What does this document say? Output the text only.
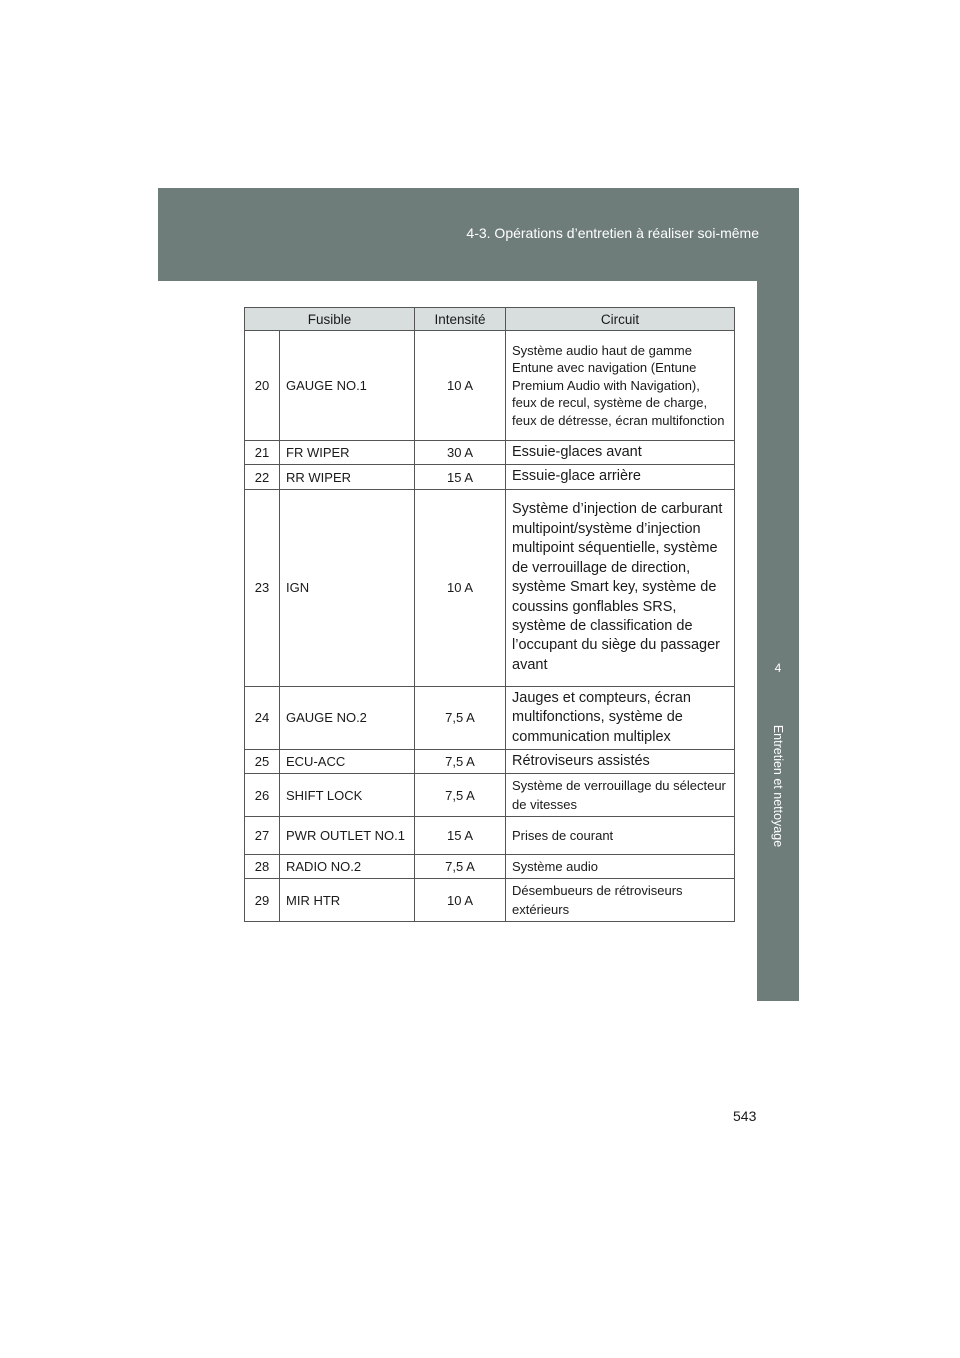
4-3. Opérations d’entretien à réaliser soi-même
4
Entretien et nettoyage
Fusible		Intensité	Circuit
20	GAUGE NO.1	10 A	Système audio haut de gamme Entune avec navigation (Entune Premium Audio with Navigation), feux de recul, système de charge, feux de détresse, écran multifonction
21	FR WIPER	30 A	Essuie-glaces avant
22	RR WIPER	15 A	Essuie-glace arrière
23	IGN	10 A	Système d’injection de carburant multipoint/système d’injection multipoint séquentielle, système de verrouillage de direction, système Smart key, système de coussins gonflables SRS, système de classification de l’occupant du siège du passager avant
24	GAUGE NO.2	7,5 A	Jauges et compteurs, écran multifonctions, système de communication multiplex
25	ECU-ACC	7,5 A	Rétroviseurs assistés
26	SHIFT LOCK	7,5 A	Système de verrouillage du sélecteur de vitesses
27	PWR OUTLET NO.1	15 A	Prises de courant
28	RADIO NO.2	7,5 A	Système audio
29	MIR HTR	10 A	Désembueurs de rétroviseurs extérieurs
543
